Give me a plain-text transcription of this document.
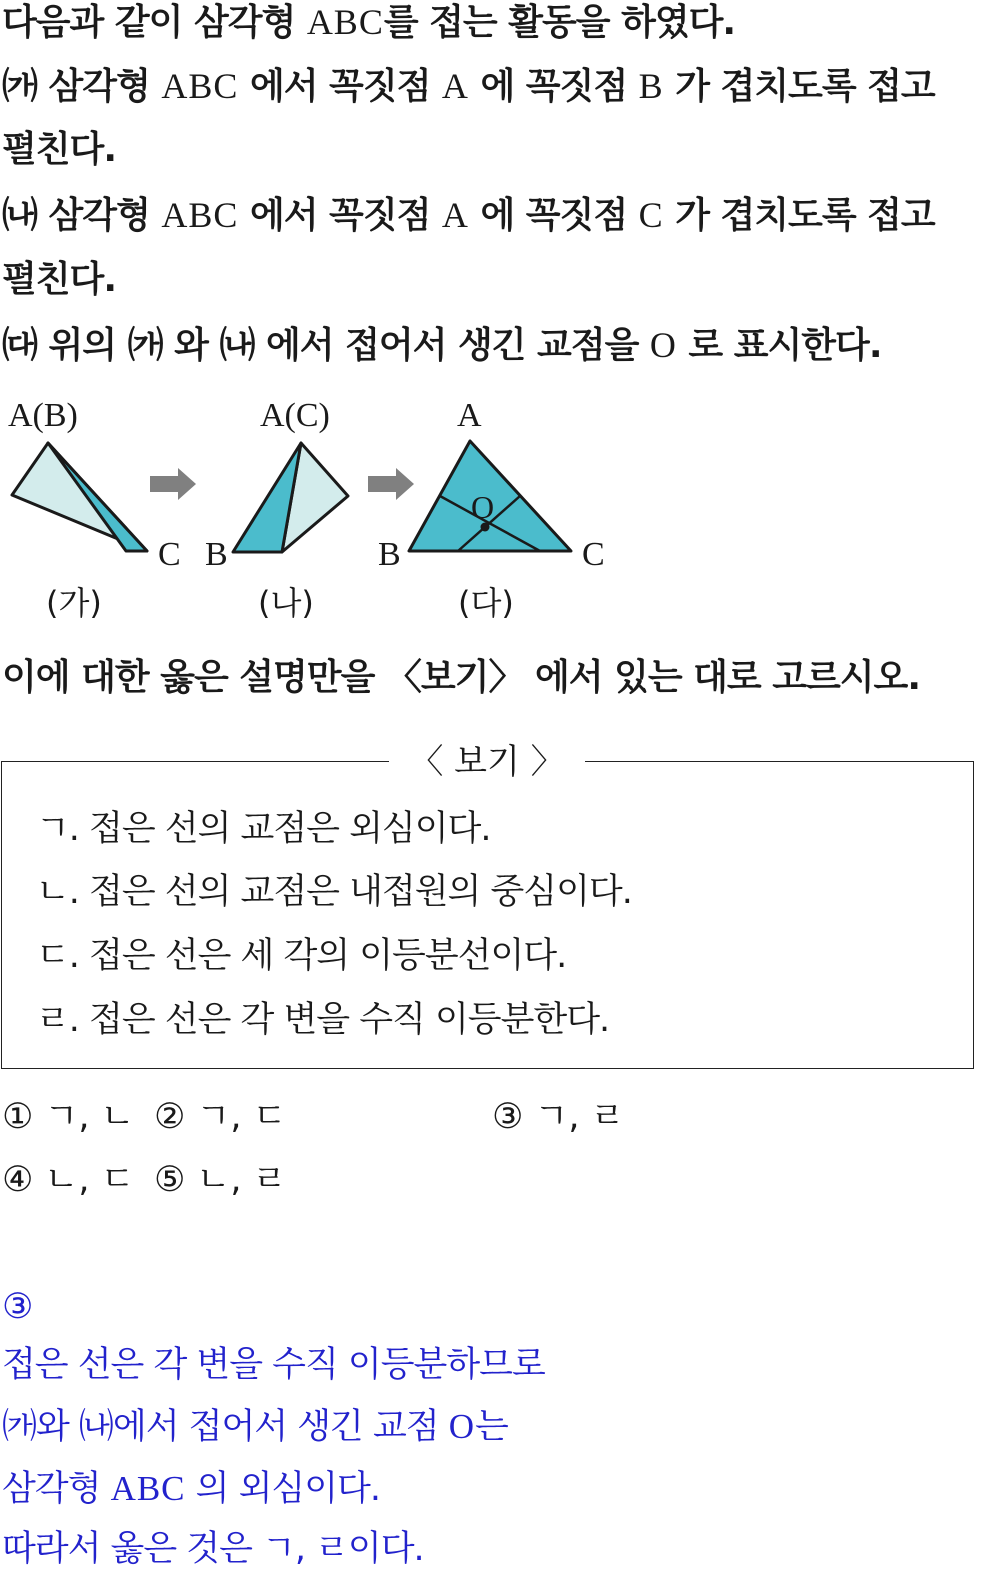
다음과 같이 삼각형 ABC를 접는 활동을 하였다.
㈎ 삼각형 ABC 에서 꼭짓점 A 에 꼭짓점 B 가 겹치도록 접고
펼친다.
㈏ 삼각형 ABC 에서 꼭짓점 A 에 꼭짓점 C 가 겹치도록 접고
펼친다.
㈐ 위의 ㈎ 와 ㈏ 에서 접어서 생긴 교점을 O 로 표시한다.
A(B)
C
(가)
A(C)
B
(나)
A
B	C
O
(다)
이에 대한 옳은 설명만을 〈보기〉 에서 있는 대로 고르시오.
ㄱ. 접은 선의 교점은 외심이다.
ㄴ. 접은 선의 교점은 내접원의 중심이다.
ㄷ. 접은 선은 세 각의 이등분선이다.
ㄹ. 접은 선은 각 변을 수직 이등분한다.
〈 보기 〉
① ㄱ, ㄴ ② ㄱ, ㄷ	③ ㄱ, ㄹ
④ ㄴ, ㄷ ⑤ ㄴ, ㄹ
③
접은 선은 각 변을 수직 이등분하므로
㈎와 ㈏에서 접어서 생긴 교점 O는
삼각형 ABC 의 외심이다.
따라서 옳은 것은 ㄱ, ㄹ이다.
